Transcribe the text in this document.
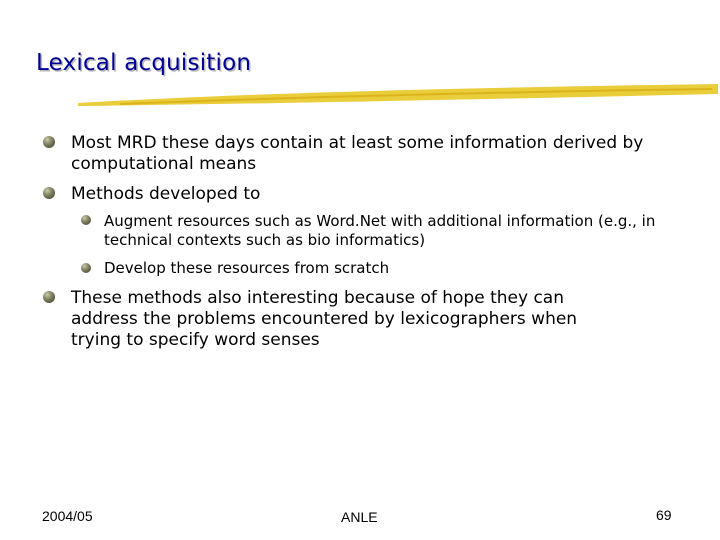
Lexical acquisition
Most MRD these days contain at least some information derived by computational means
Methods developed to
Augment resources such as Word.Net with additional information (e.g., in technical contexts such as bio informatics)
Develop these resources from scratch
These methods also interesting because of hope they can address the problems encountered by lexicographers when trying to specify word senses
2004/05	ANLE	69
